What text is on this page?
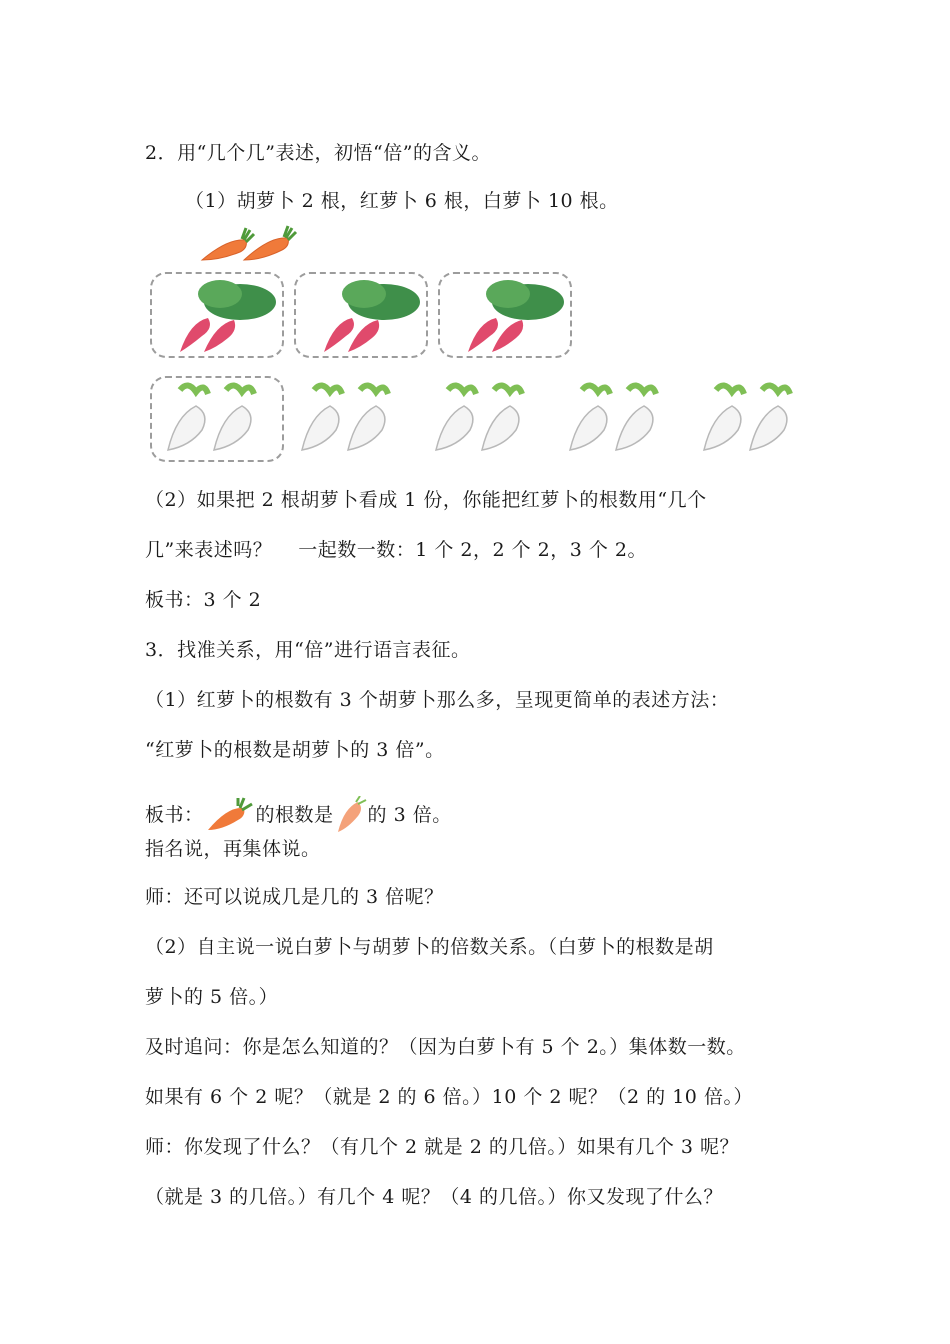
2．用“几个几”表述，初悟“倍”的含义。
（1）胡萝卜 2 根，红萝卜 6 根，白萝卜 10 根。
（2）如果把 2 根胡萝卜看成 1 份，你能把红萝卜的根数用“几个
几”来表述吗？　 一起数一数：1 个 2，2 个 2，3 个 2。
板书：3 个 2
3．找准关系，用“倍”进行语言表征。
（1）红萝卜的根数有 3 个胡萝卜那么多，呈现更简单的表述方法：
“红萝卜的根数是胡萝卜的 3 倍”。
板书：	的根数是 的 3 倍。
指名说，再集体说。
师：还可以说成几是几的 3 倍呢？
（2）自主说一说白萝卜与胡萝卜的倍数关系。（白萝卜的根数是胡
萝卜的 5 倍。）
及时追问：你是怎么知道的？（因为白萝卜有 5 个 2。）集体数一数。
如果有 6 个 2 呢？（就是 2 的 6 倍。）10 个 2 呢？（2 的 10 倍。）
师：你发现了什么？（有几个 2 就是 2 的几倍。）如果有几个 3 呢？
（就是 3 的几倍。）有几个 4 呢？（4 的几倍。）你又发现了什么？
